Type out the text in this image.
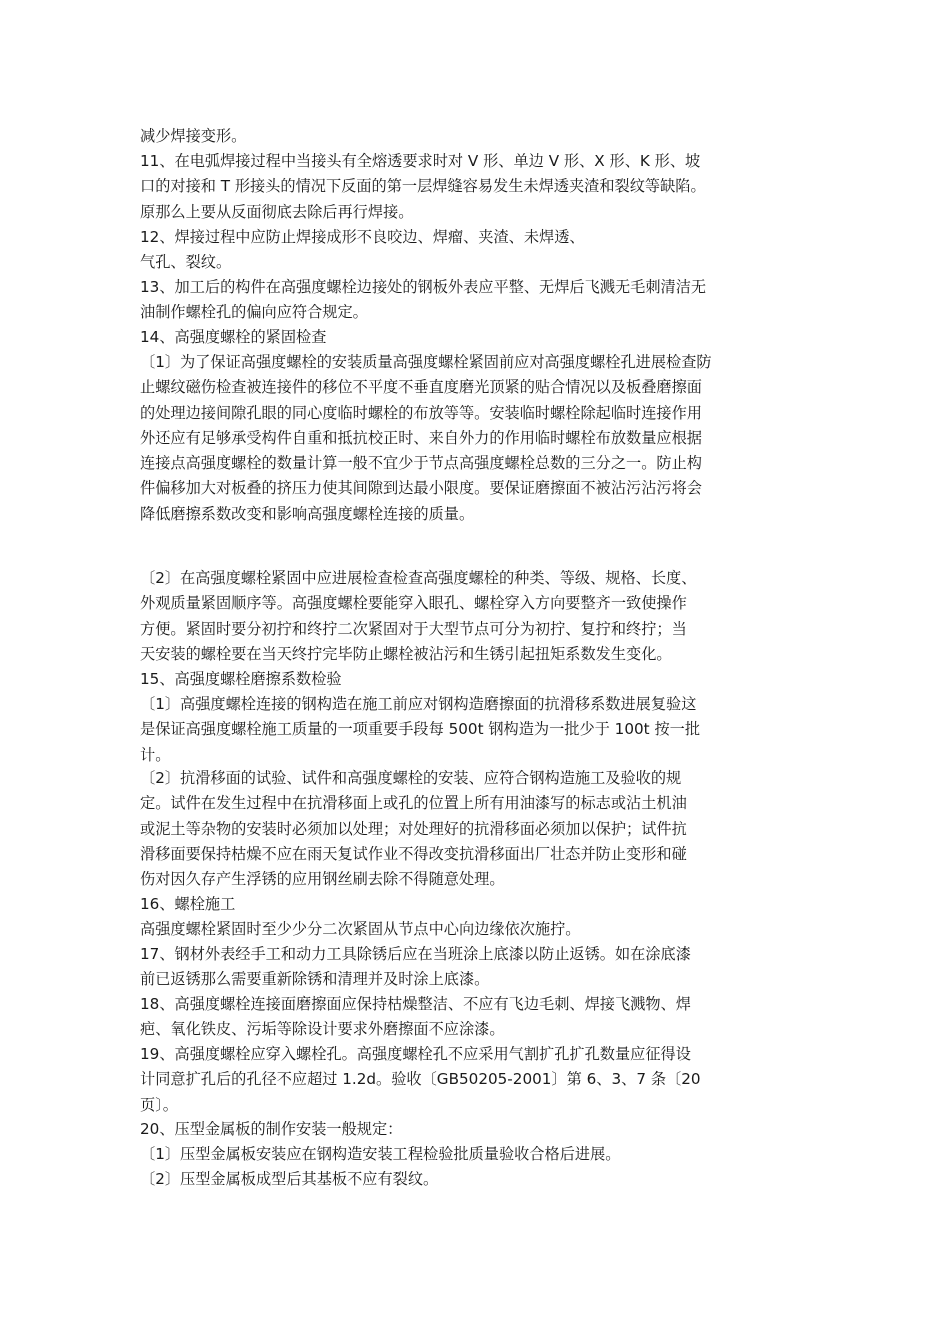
减少焊接变形。

11、在电弧焊接过程中当接头有全熔透要求时对 V 形、单边 V 形、X 形、K 形、坡
口的对接和 T 形接头的情况下反面的第一层焊缝容易发生未焊透夹渣和裂纹等缺陷。
原那么上要从反面彻底去除后再行焊接。

12、焊接过程中应防止焊接成形不良咬边、焊瘤、夹渣、未焊透、
气孔、裂纹。

13、加工后的构件在高强度螺栓边接处的钢板外表应平整、无焊后飞溅无毛刺清洁无
油制作螺栓孔的偏向应符合规定。

14、高强度螺栓的紧固检查

〔1〕为了保证高强度螺栓的安装质量高强度螺栓紧固前应对高强度螺栓孔进展检查防
止螺纹磁伤检查被连接件的移位不平度不垂直度磨光顶紧的贴合情况以及板叠磨擦面
的处理边接间隙孔眼的同心度临时螺栓的布放等等。安装临时螺栓除起临时连接作用
外还应有足够承受构件自重和抵抗校正时、来自外力的作用临时螺栓布放数量应根据
连接点高强度螺栓的数量计算一般不宜少于节点高强度螺栓总数的三分之一。防止构
件偏移加大对板叠的挤压力使其间隙到达最小限度。要保证磨擦面不被沾污沾污将会
降低磨擦系数改变和影响高强度螺栓连接的质量。

〔2〕在高强度螺栓紧固中应进展检查检查高强度螺栓的种类、等级、规格、长度、
外观质量紧固顺序等。高强度螺栓要能穿入眼孔、螺栓穿入方向要整齐一致使操作
方便。紧固时要分初拧和终拧二次紧固对于大型节点可分为初拧、复拧和终拧；当
天安装的螺栓要在当天终拧完毕防止螺栓被沾污和生锈引起扭矩系数发生变化。

15、高强度螺栓磨擦系数检验

〔1〕高强度螺栓连接的钢构造在施工前应对钢构造磨擦面的抗滑移系数进展复验这
是保证高强度螺栓施工质量的一项重要手段每 500t 钢构造为一批少于 100t 按一批
计。

〔2〕抗滑移面的试验、试件和高强度螺栓的安装、应符合钢构造施工及验收的规
定。试件在发生过程中在抗滑移面上或孔的位置上所有用油漆写的标志或沾土机油
或泥土等杂物的安装时必须加以处理；对处理好的抗滑移面必须加以保护；试件抗
滑移面要保持枯燥不应在雨天复试作业不得改变抗滑移面出厂壮态并防止变形和碰
伤对因久存产生浮锈的应用钢丝刷去除不得随意处理。

16、螺栓施工

高强度螺栓紧固时至少少分二次紧固从节点中心向边缘依次施拧。

17、钢材外表经手工和动力工具除锈后应在当班涂上底漆以防止返锈。如在涂底漆
前已返锈那么需要重新除锈和清理并及时涂上底漆。

18、高强度螺栓连接面磨擦面应保持枯燥整洁、不应有飞边毛刺、焊接飞溅物、焊
疤、氧化铁皮、污垢等除设计要求外磨擦面不应涂漆。

19、高强度螺栓应穿入螺栓孔。高强度螺栓孔不应采用气割扩孔扩孔数量应征得设
计同意扩孔后的孔径不应超过 1.2d。验收〔GB50205-2001〕第 6、3、7 条〔20
页〕。

20、压型金属板的制作安装一般规定：

〔1〕压型金属板安装应在钢构造安装工程检验批质量验收合格后进展。

〔2〕压型金属板成型后其基板不应有裂纹。
